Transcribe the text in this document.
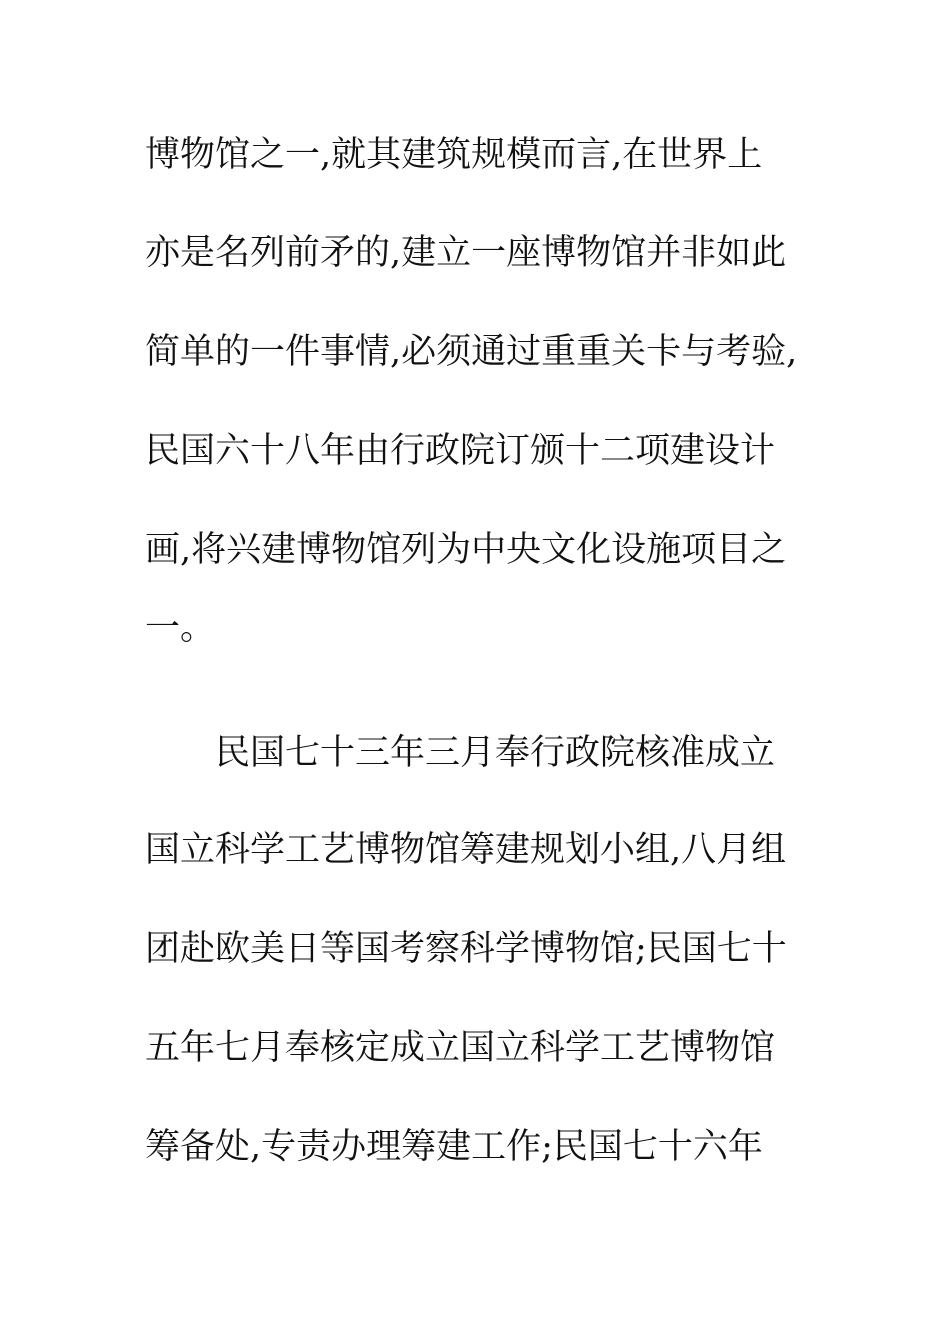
博物馆之一,就其建筑规模而言,在世界上
亦是名列前矛的,建立一座博物馆并非如此
简单的一件事情,必须通过重重关卡与考验,
民国六十八年由行政院订颁十二项建设计
画,将兴建博物馆列为中央文化设施项目之
一。
民国七十三年三月奉行政院核准成立
国立科学工艺博物馆筹建规划小组,八月组
团赴欧美日等国考察科学博物馆;民国七十
五年七月奉核定成立国立科学工艺博物馆
筹备处,专责办理筹建工作;民国七十六年
